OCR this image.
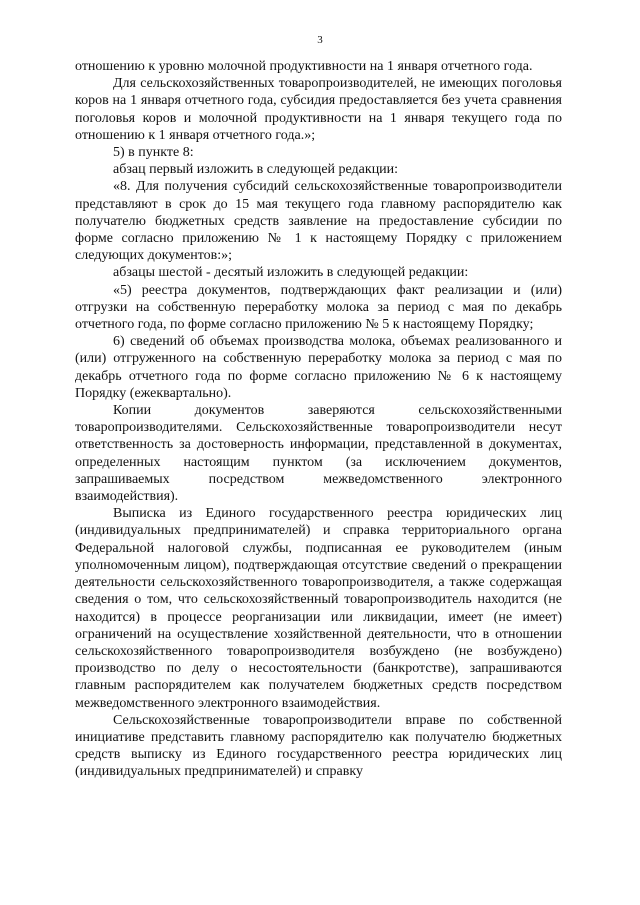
3

отношению к уровню молочной продуктивности на 1 января отчетного года.

Для сельскохозяйственных товаропроизводителей, не имеющих поголовья коров на 1 января отчетного года, субсидия предоставляется без учета сравнения поголовья коров и молочной продуктивности на 1 января текущего года по отношению к 1 января отчетного года.»;

5) в пункте 8:

абзац первый изложить в следующей редакции:

«8. Для получения субсидий сельскохозяйственные товаропроизводители представляют в срок до 15 мая текущего года главному распорядителю как получателю бюджетных средств заявление на предоставление субсидии по форме согласно приложению № 1 к настоящему Порядку с приложением следующих документов:»;

абзацы шестой - десятый изложить в следующей редакции:

«5) реестра документов, подтверждающих факт реализации и (или) отгрузки на собственную переработку молока за период с мая по декабрь отчетного года, по форме согласно приложению № 5 к настоящему Порядку;

6) сведений об объемах производства молока, объемах реализованного и (или) отгруженного на собственную переработку молока за период с мая по декабрь отчетного года по форме согласно приложению № 6 к настоящему Порядку (ежеквартально).

Копии документов заверяются сельскохозяйственными товаропроизводителями. Сельскохозяйственные товаропроизводители несут ответственность за достоверность информации, представленной в документах, определенных настоящим пунктом (за исключением документов, запрашиваемых посредством межведомственного электронного взаимодействия).

Выписка из Единого государственного реестра юридических лиц (индивидуальных предпринимателей) и справка территориального органа Федеральной налоговой службы, подписанная ее руководителем (иным уполномоченным лицом), подтверждающая отсутствие сведений о прекращении деятельности сельскохозяйственного товаропроизводителя, а также содержащая сведения о том, что сельскохозяйственный товаропроизводитель находится (не находится) в процессе реорганизации или ликвидации, имеет (не имеет) ограничений на осуществление хозяйственной деятельности, что в отношении сельскохозяйственного товаропроизводителя возбуждено (не возбуждено) производство по делу о несостоятельности (банкротстве), запрашиваются главным распорядителем как получателем бюджетных средств посредством межведомственного электронного взаимодействия.

Сельскохозяйственные товаропроизводители вправе по собственной инициативе представить главному распорядителю как получателю бюджетных средств выписку из Единого государственного реестра юридических лиц (индивидуальных предпринимателей) и справку
